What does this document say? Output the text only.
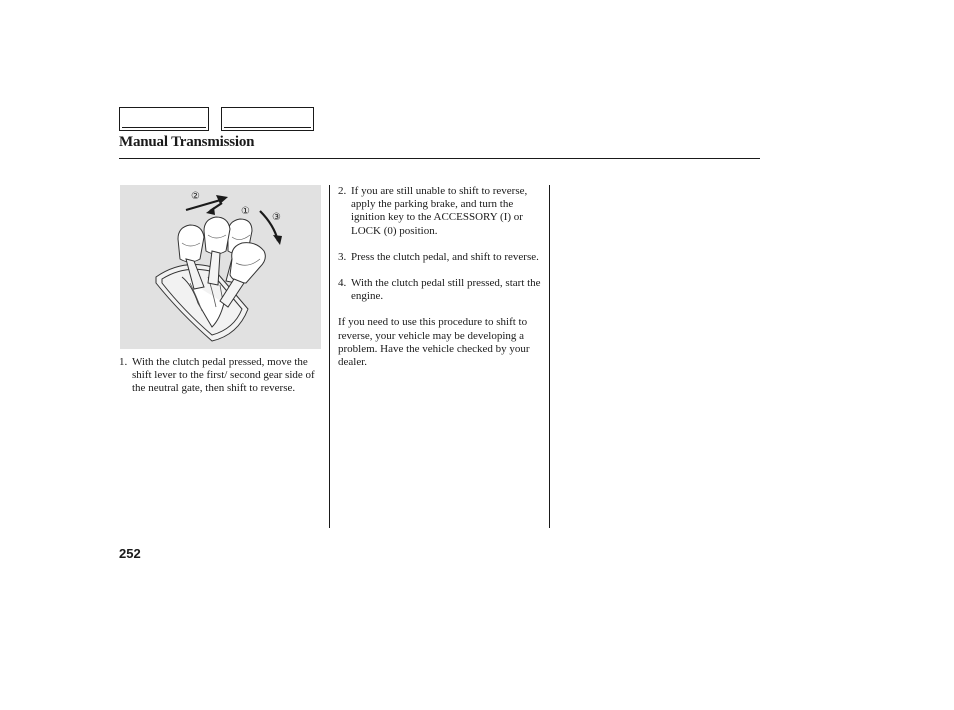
Manual Transmission
①
②
③
1. With the clutch pedal pressed, move the shift lever to the first/ second gear side of the neutral gate, then shift to reverse.
2. If you are still unable to shift to reverse, apply the parking brake, and turn the ignition key to the ACCESSORY (I) or LOCK (0) position.
3. Press the clutch pedal, and shift to reverse.
4. With the clutch pedal still pressed, start the engine.

If you need to use this procedure to shift to reverse, your vehicle may be developing a problem. Have the vehicle checked by your dealer.

252
